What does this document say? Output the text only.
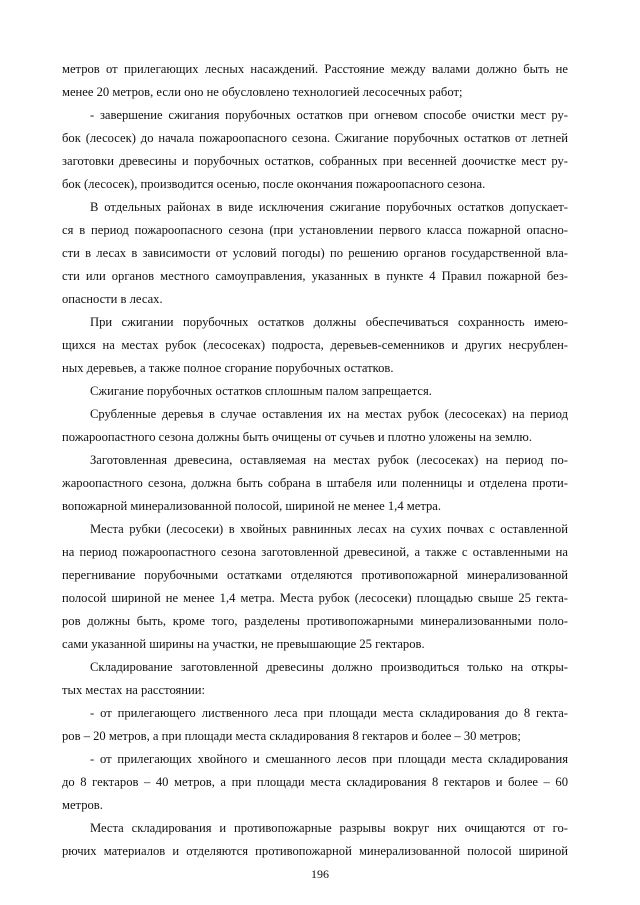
метров от прилегающих лесных насаждений. Расстояние между валами должно быть не
менее 20 метров, если оно не обусловлено технологией лесосечных работ;
- завершение сжигания порубочных остатков при огневом способе очистки мест ру-
бок (лесосек) до начала пожароопасного сезона. Сжигание порубочных остатков от летней
заготовки древесины и порубочных остатков, собранных при весенней доочистке мест ру-
бок (лесосек), производится осенью, после окончания пожароопасного сезона.
В отдельных районах в виде исключения сжигание порубочных остатков допускает-
ся в период пожароопасного сезона (при установлении первого класса пожарной опасно-
сти в лесах в зависимости от условий погоды) по решению органов государственной вла-
сти или органов местного самоуправления, указанных в пункте 4 Правил пожарной без-
опасности в лесах.
При сжигании порубочных остатков должны обеспечиваться сохранность имею-
щихся на местах рубок (лесосеках) подроста, деревьев-семенников и других несрублен-
ных деревьев, а также полное сгорание порубочных остатков.
Сжигание порубочных остатков сплошным палом запрещается.
Срубленные деревья в случае оставления их на местах рубок (лесосеках) на период
пожароопастного сезона должны быть очищены от сучьев и плотно уложены на землю.
Заготовленная древесина, оставляемая на местах рубок (лесосеках) на период по-
жароопастного сезона, должна быть собрана в штабеля или поленницы и отделена проти-
вопожарной минерализованной полосой, шириной не менее 1,4 метра.
Места рубки (лесосеки) в хвойных равнинных лесах на сухих почвах с оставленной
на период пожароопастного сезона заготовленной древесиной, а также с оставленными на
перегнивание порубочными остатками отделяются противопожарной минерализованной
полосой шириной не менее 1,4 метра. Места рубок (лесосеки) площадью свыше 25 гекта-
ров должны быть, кроме того, разделены противопожарными минерализованными поло-
сами указанной ширины на участки, не превышающие 25 гектаров.
Складирование заготовленной древесины должно производиться только на откры-
тых местах на расстоянии:
- от прилегающего лиственного леса при площади места складирования до 8 гекта-
ров – 20 метров, а при площади места складирования 8 гектаров и более – 30 метров;
- от прилегающих хвойного и смешанного лесов при площади места складирования
до 8 гектаров – 40 метров, а при площади места складирования 8 гектаров и более – 60
метров.
Места складирования и противопожарные разрывы вокруг них очищаются от го-
рючих материалов и отделяются противопожарной минерализованной полосой шириной
196
